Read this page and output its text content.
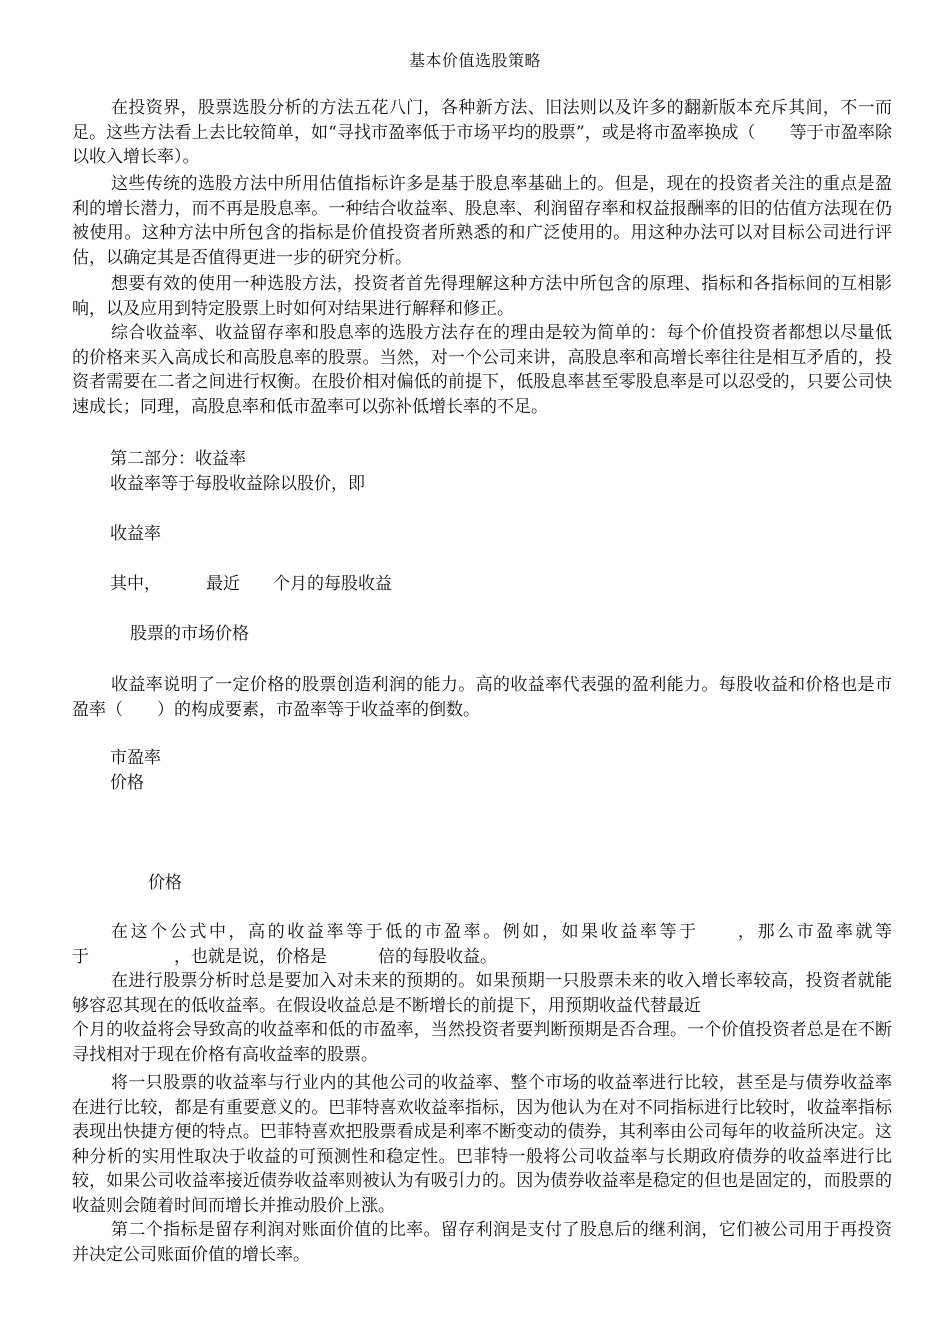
基本价值选股策略

在投资界，股票选股分析的方法五花八门，各种新方法、旧法则以及许多的翻新版本充斥其间，不一而足。这些方法看上去比较简单，如“寻找市盈率低于市场平均的股票”，或是将市盈率换成（　　等于市盈率除以收入增长率）。

这些传统的选股方法中所用估值指标许多是基于股息率基础上的。但是，现在的投资者关注的重点是盈利的增长潜力，而不再是股息率。一种结合收益率、股息率、利润留存率和权益报酬率的旧的估值方法现在仍被使用。这种方法中所包含的指标是价值投资者所熟悉的和广泛使用的。用这种办法可以对目标公司进行评估，以确定其是否值得更进一步的研究分析。

想要有效的使用一种选股方法，投资者首先得理解这种方法中所包含的原理、指标和各指标间的互相影响，以及应用到特定股票上时如何对结果进行解释和修正。

综合收益率、收益留存率和股息率的选股方法存在的理由是较为简单的：每个价值投资者都想以尽量低的价格来买入高成长和高股息率的股票。当然，对一个公司来讲，高股息率和高增长率往往是相互矛盾的，投资者需要在二者之间进行权衡。在股价相对偏低的前提下，低股息率甚至零股息率是可以忍受的，只要公司快速成长；同理，高股息率和低市盈率可以弥补低增长率的不足。

第二部分：收益率
收益率等于每股收益除以股价，即
收益率
其中，	最近 个月的每股收益
股票的市场价格

收益率说明了一定价格的股票创造利润的能力。高的收益率代表强的盈利能力。每股收益和价格也是市盈率（　　）的构成要素，市盈率等于收益率的倒数。

市盈率
价格
价格

在这个公式中，高的收益率等于低的市盈率。例如，如果收益率等于　　，那么市盈率就等于　　　　　，也就是说，价格是　　　倍的每股收益。

在进行股票分析时总是要加入对未来的预期的。如果预期一只股票未来的收入增长率较高，投资者就能够容忍其现在的低收益率。在假设收益总是不断增长的前提下，用预期收益代替最近

个月的收益将会导致高的收益率和低的市盈率，当然投资者要判断预期是否合理。一个价值投资者总是在不断寻找相对于现在价格有高收益率的股票。

将一只股票的收益率与行业内的其他公司的收益率、整个市场的收益率进行比较，甚至是与债券收益率在进行比较，都是有重要意义的。巴菲特喜欢收益率指标，因为他认为在对不同指标进行比较时，收益率指标表现出快捷方便的特点。巴菲特喜欢把股票看成是利率不断变动的债券，其利率由公司每年的收益所决定。这种分析的实用性取决于收益的可预测性和稳定性。巴菲特一般将公司收益率与长期政府债券的收益率进行比较，如果公司收益率接近债券收益率则被认为有吸引力的。因为债券收益率是稳定的但也是固定的，而股票的收益则会随着时间而增长并推动股价上涨。

第二个指标是留存利润对账面价值的比率。留存利润是支付了股息后的继利润，它们被公司用于再投资并决定公司账面价值的增长率。
